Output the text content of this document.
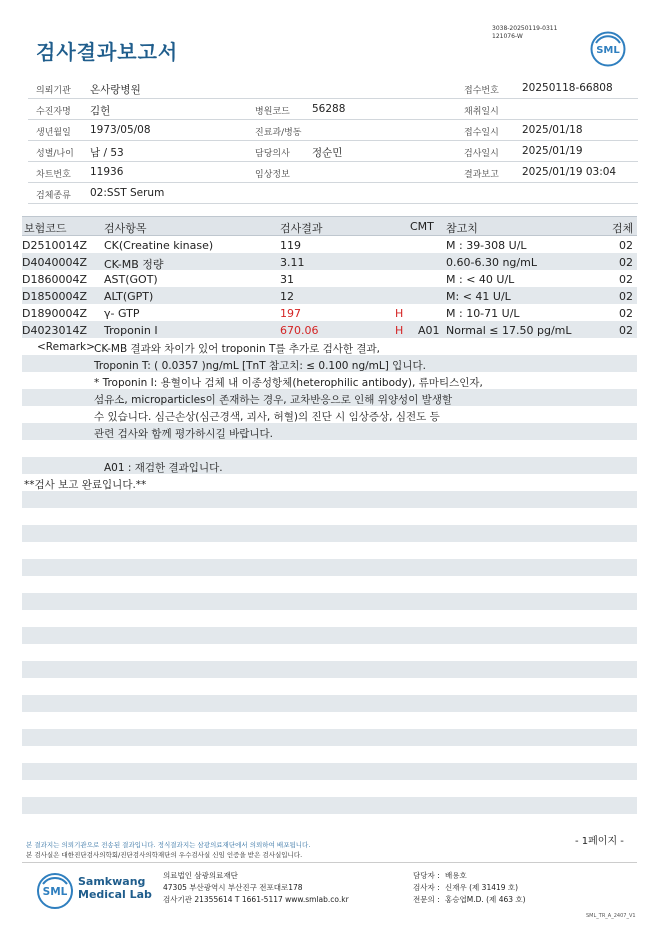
검사결과보고서
3038-20250119-0311
121076-W
SML
의뢰기관 온사랑병원	접수번호 20250118-66808
수진자명 김헌	병원코드 56288	채취일시
생년월일 1973/05/08	진료과/병동	접수일시 2025/01/18
성별/나이 남 / 53	담당의사 정순민	검사일시 2025/01/19
차트번호 11936	임상정보	결과보고 2025/01/19 03:04
검체종류 02:SST Serum
보험코드	검사항목	검사결과	CMT 참고치	검체
D2510014Z CK(Creatine kinase)	119	M : 39-308 U/L	02
D4040004Z CK-MB 정량	3.11	0.60-6.30 ng/mL	02
D1860004Z AST(GOT)	31	M : < 40 U/L	02
D1850004Z ALT(GPT)	12	M: < 41 U/L	02
D1890004Z γ- GTP	197	H	M : 10-71 U/L	02
D4023014Z Troponin I	670.06	H A01 Normal ≤ 17.50 pg/mL	02
<Remark> CK-MB 결과와 차이가 있어 troponin T를 추가로 검사한 결과,
Troponin T: ( 0.0357 )ng/mL [TnT 참고치: ≤ 0.100 ng/mL] 입니다.
* Troponin I: 용혈이나 검체 내 이종성항체(heterophilic antibody), 류마티스인자,
섬유소, microparticles이 존재하는 경우, 교차반응으로 인해 위양성이 발생할
수 있습니다. 심근손상(심근경색, 괴사, 허혈)의 진단 시 임상증상, 심전도 등
관련 검사와 함께 평가하시길 바랍니다.
A01 : 재검한 결과입니다.
**검사 보고 완료입니다.**
- 1페이지 -
본 결과지는 의뢰기관으로 전송된 결과입니다. 정식결과지는 삼광의료재단에서 의뢰하여 배포됩니다.
본 검사실은 대한진단검사의학회/진단검사의학재단의 우수검사실 신임 인증을 받은 검사실입니다.
SML
Samkwang
Medical Lab
의료법인 삼광의료재단
47305 부산광역시 부산진구 전포대로178
검사기관 21355614 T 1661-5117 www.smlab.co.kr
담당자 : 배용호
검사자 : 신재우 (제 31419 호)
전문의 : 홍승엽M.D. (제 463 호)
SML_TR_A_2407_V1
